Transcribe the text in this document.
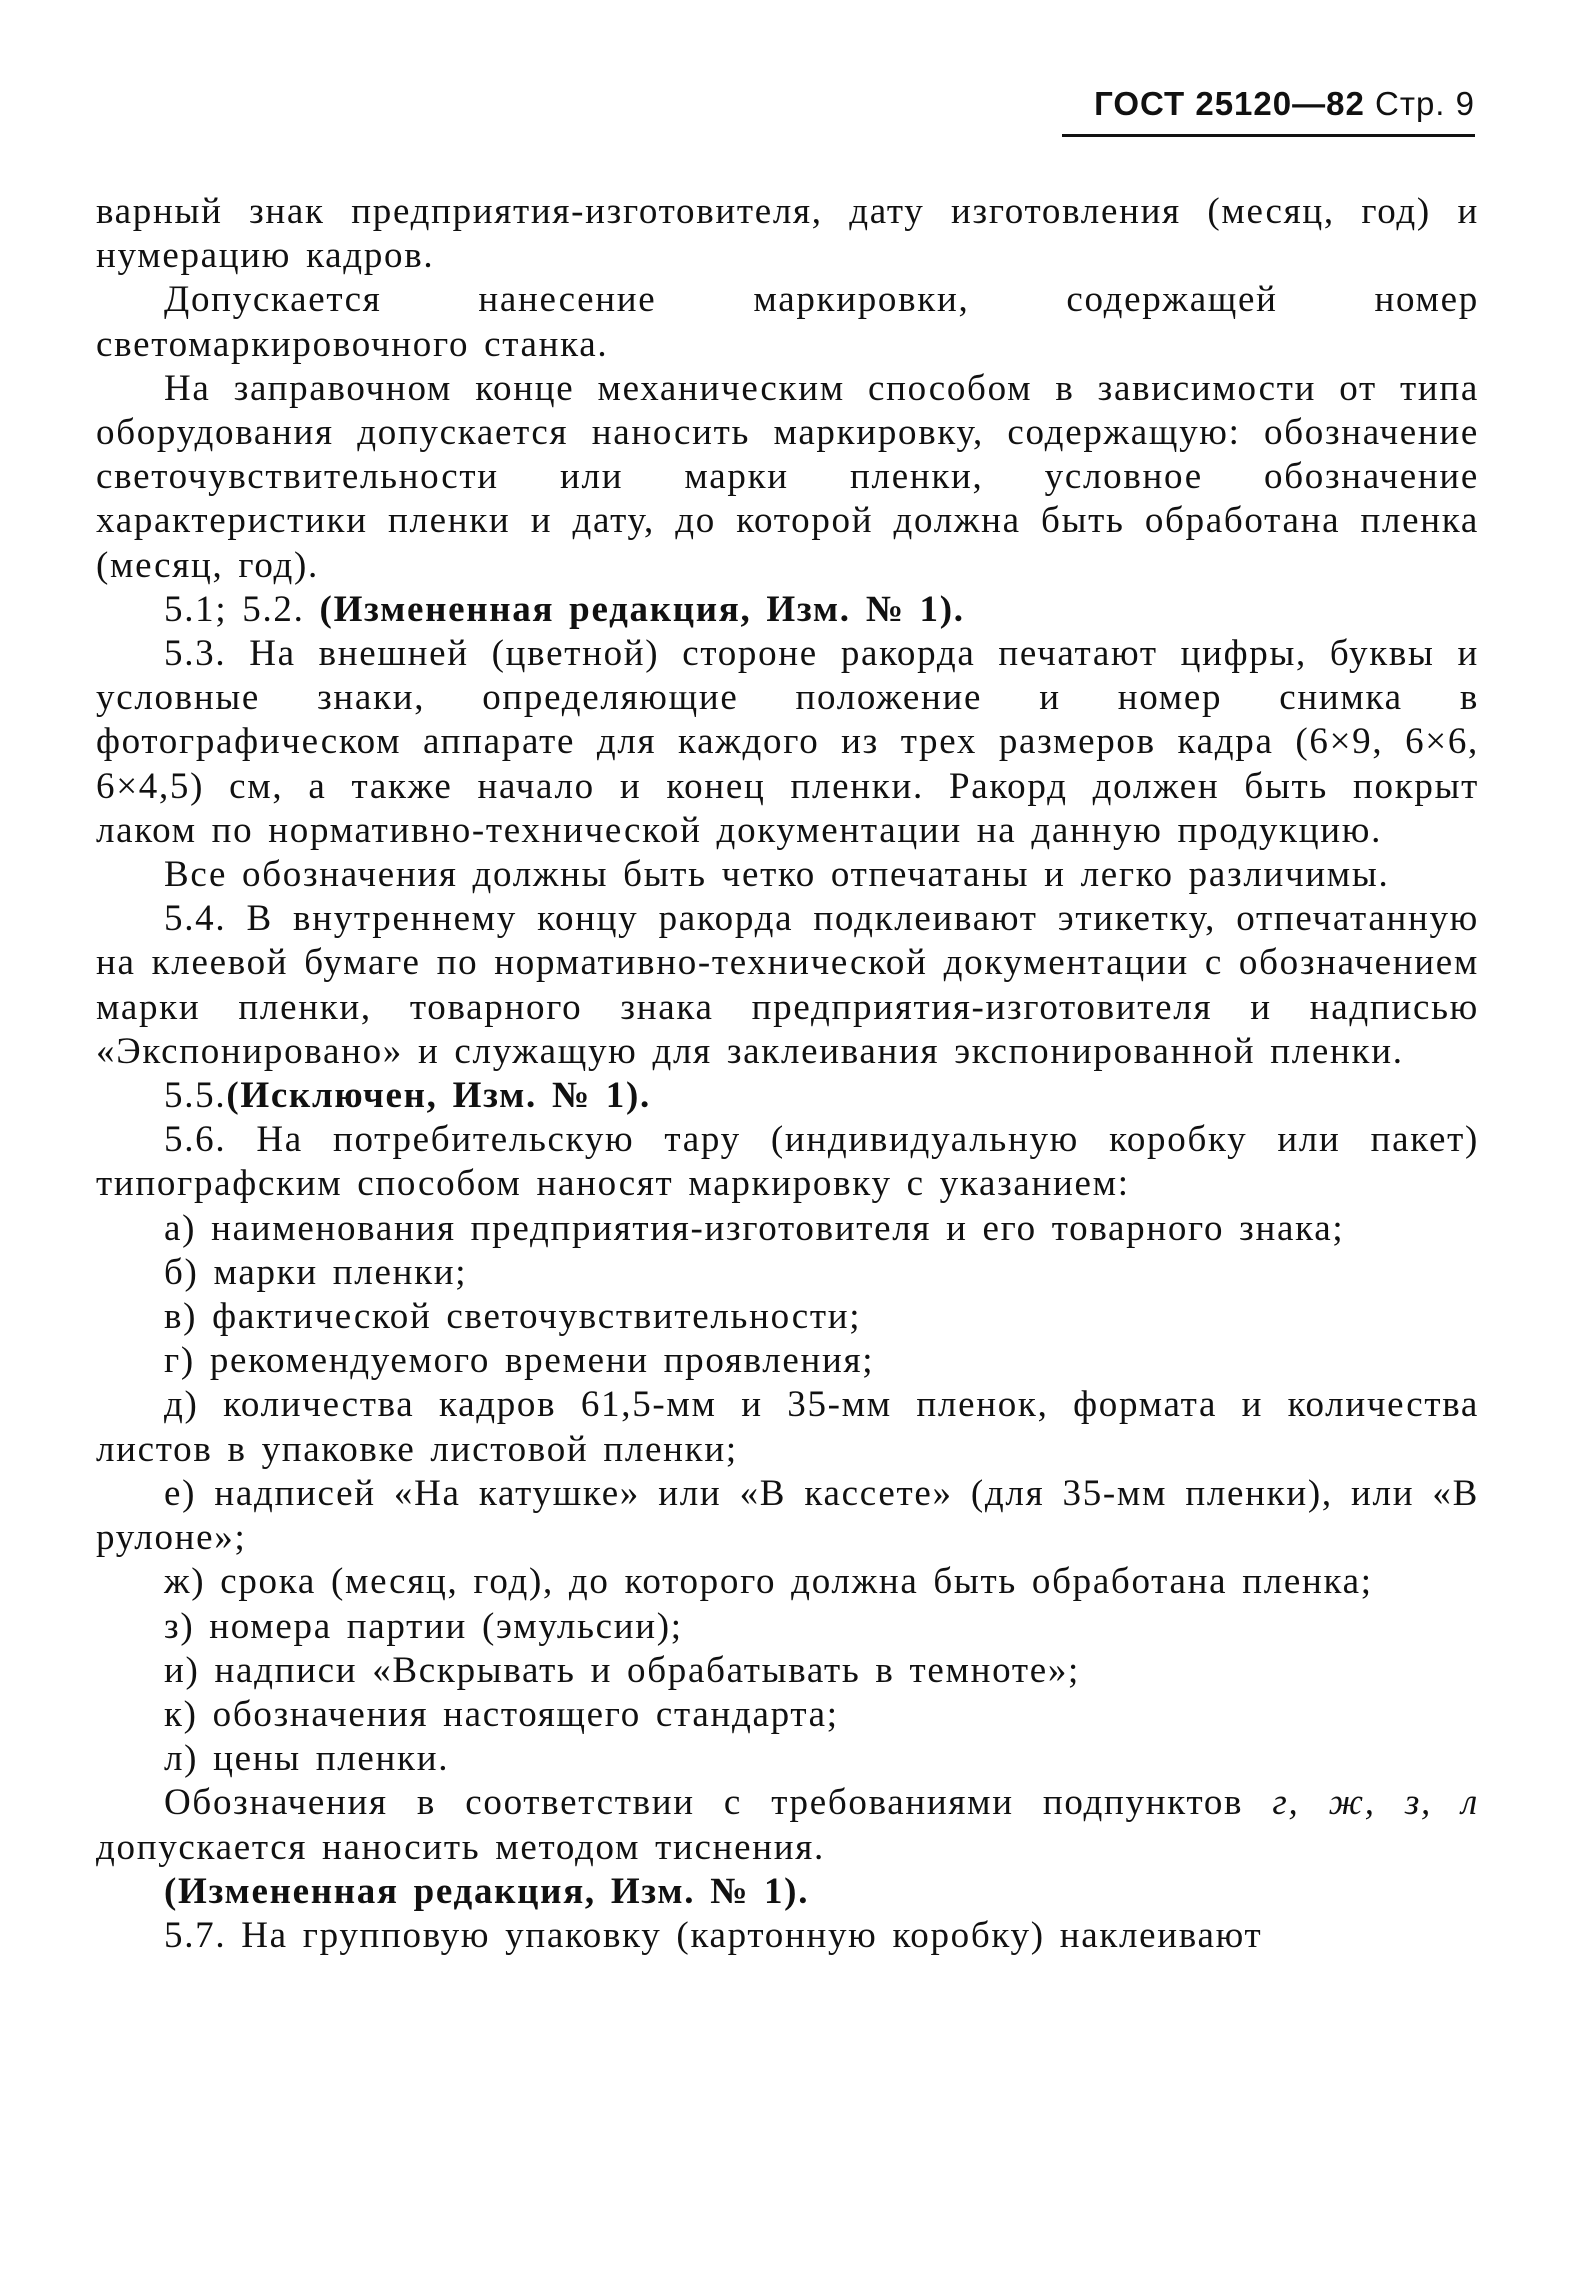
ГОСТ 25120—82 Стр. 9

варный знак предприятия-изготовителя, дату изготовления (месяц, год) и нумерацию кадров.

Допускается нанесение маркировки, содержащей номер светомаркировочного станка.

На заправочном конце механическим способом в зависимости от типа оборудования допускается наносить маркировку, содержащую: обозначение светочувствительности или марки пленки, условное обозначение характеристики пленки и дату, до которой должна быть обработана пленка (месяц, год).

5.1; 5.2. (Измененная редакция, Изм. № 1).

5.3. На внешней (цветной) стороне ракорда печатают цифры, буквы и условные знаки, определяющие положение и номер снимка в фотографическом аппарате для каждого из трех размеров кадра (6×9, 6×6, 6×4,5) см, а также начало и конец пленки. Ракорд должен быть покрыт лаком по нормативно-технической документации на данную продукцию.

Все обозначения должны быть четко отпечатаны и легко различимы.

5.4. В внутреннему концу ракорда подклеивают этикетку, отпечатанную на клеевой бумаге по нормативно-технической документации с обозначением марки пленки, товарного знака предприятия-изготовителя и надписью «Экспонировано» и служащую для заклеивания экспонированной пленки.

5.5.(Исключен, Изм. № 1).

5.6. На потребительскую тару (индивидуальную коробку или пакет) типографским способом наносят маркировку с указанием:

а) наименования предприятия-изготовителя и его товарного знака;

б) марки пленки;

в) фактической светочувствительности;

г) рекомендуемого времени проявления;

д) количества кадров 61,5-мм и 35-мм пленок, формата и количества листов в упаковке листовой пленки;

е) надписей «На катушке» или «В кассете» (для 35-мм пленки), или «В рулоне»;

ж) срока (месяц, год), до которого должна быть обработана пленка;

з) номера партии (эмульсии);

и) надписи «Вскрывать и обрабатывать в темноте»;

к) обозначения настоящего стандарта;

л) цены пленки.

Обозначения в соответствии с требованиями подпунктов г, ж, з, л допускается наносить методом тиснения.

(Измененная редакция, Изм. № 1).

5.7. На групповую упаковку (картонную коробку) наклеивают
